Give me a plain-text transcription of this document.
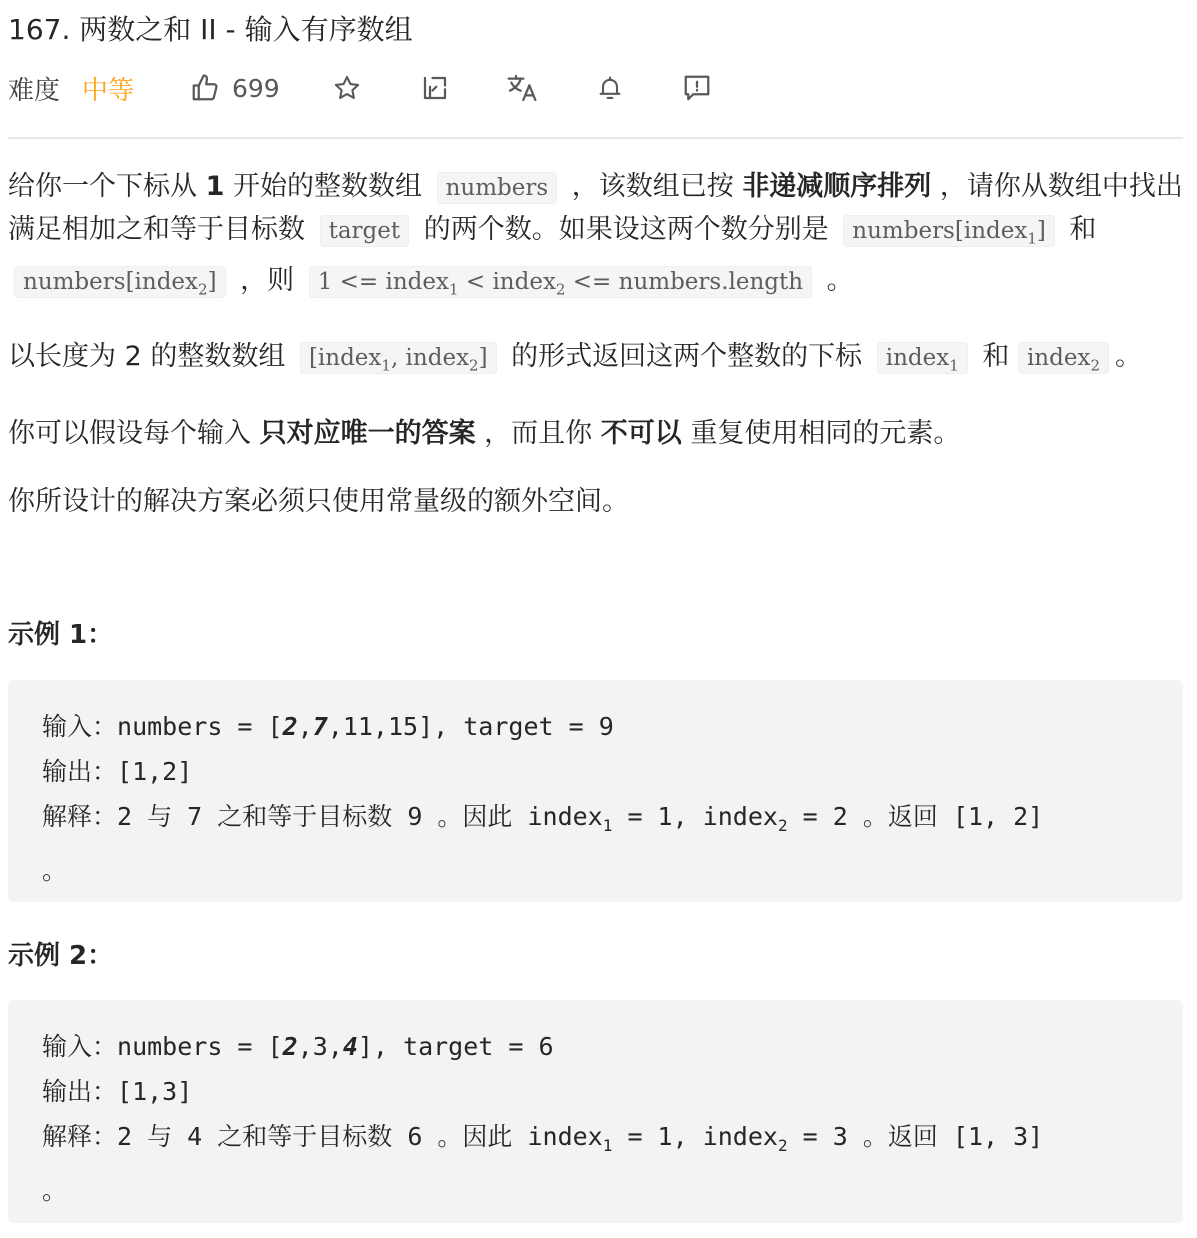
167. 两数之和 II - 输入有序数组
难度 中等	699

给你一个下标从 1 开始的整数数组 numbers ，该数组已按 非递减顺序排列 ，请你从数组中找出满足相加之和等于目标数 target 的两个数。如果设这两个数分别是 numbers[index$_1$] 和 numbers[index$_2$] ，则 1 <= index$_1$ < index$_2$ <= numbers.length 。

以长度为 2 的整数数组 [index$_1$, index$_2$] 的形式返回这两个整数的下标 index$_1$ 和 index$_2$ 。

你可以假设每个输入 只对应唯一的答案 ，而且你 不可以 重复使用相同的元素。

你所设计的解决方案必须只使用常量级的额外空间。

示例 1：
输入：numbers = [2,7,11,15], target = 9
输出：[1,2]
解释：2 与 7 之和等于目标数 9 。因此 index$_1$ = 1, index$_2$ = 2 。返回 [1, 2]
。
示例 2：
输入：numbers = [2,3,4], target = 6
输出：[1,3]
解释：2 与 4 之和等于目标数 6 。因此 index$_1$ = 1, index$_2$ = 3 。返回 [1, 3]
。
